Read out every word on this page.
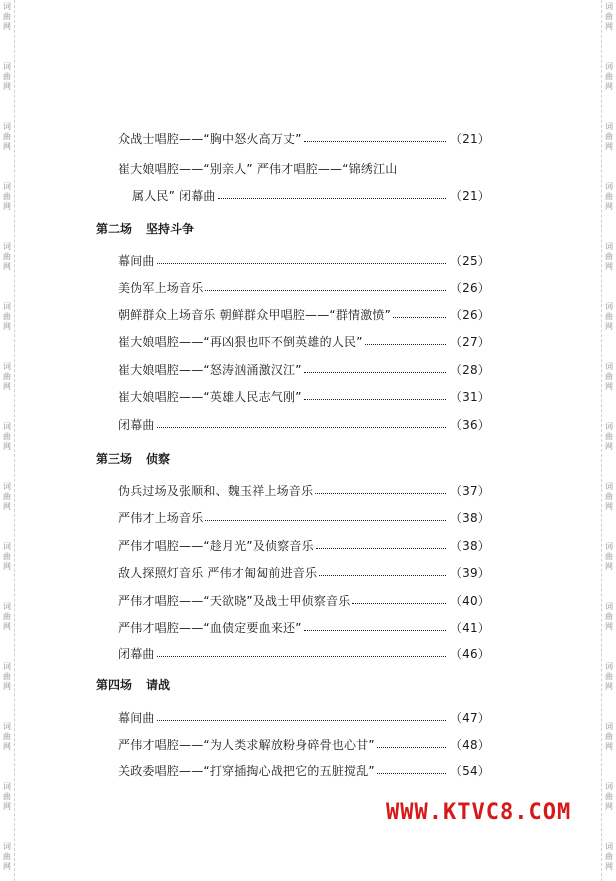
词曲网
词曲网
词曲网
词曲网
词曲网
词曲网
词曲网
词曲网
词曲网
词曲网
词曲网
词曲网
词曲网
词曲网
词曲网
词曲网
词曲网
词曲网
词曲网
词曲网
词曲网
词曲网
词曲网
词曲网
词曲网
词曲网
词曲网
词曲网
词曲网
词曲网
众战士唱腔——“胸中怒火高万丈”	（21）
崔大娘唱腔——“别亲人” 严伟才唱腔——“锦绣江山
属人民” 闭幕曲	（21）
第二场 坚持斗争
幕间曲	（25）
美伪军上场音乐	（26）
朝鲜群众上场音乐 朝鲜群众甲唱腔——“群情激愤”	（26）
崔大娘唱腔——“再凶狠也吓不倒英雄的人民”	（27）
崔大娘唱腔——“怒涛汹涌激汉江”	（28）
崔大娘唱腔——“英雄人民志气刚”	（31）
闭幕曲	（36）
第三场 侦察
伪兵过场及张顺和、魏玉祥上场音乐	（37）
严伟才上场音乐	（38）
严伟才唱腔——“趁月光”及侦察音乐	（38）
敌人探照灯音乐 严伟才匍匐前进音乐	（39）
严伟才唱腔——“天欲晓”及战士甲侦察音乐	（40）
严伟才唱腔——“血债定要血来还”	（41）
闭幕曲	（46）
第四场 请战
幕间曲	（47）
严伟才唱腔——“为人类求解放粉身碎骨也心甘”	（48）
关政委唱腔——“打穿插掏心战把它的五脏搅乱”	（54）
WWW.KTVC8.COM
